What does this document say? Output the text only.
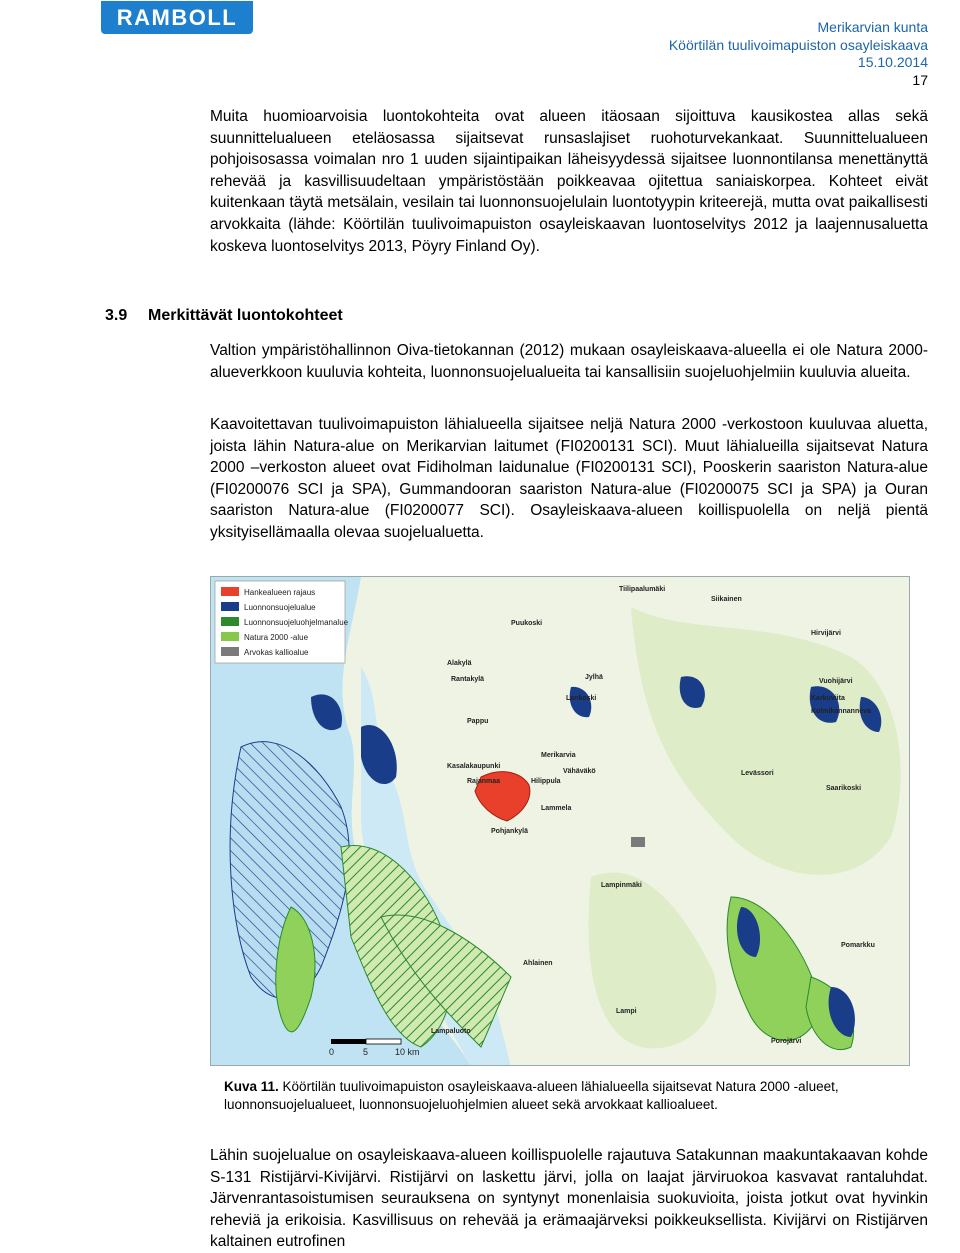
RAMBOLL	Merikarvian kunta
Köörtilän tuulivoimapuiston osayleiskaava
15.10.2014
17

Muita huomioarvoisia luontokohteita ovat alueen itäosaan sijoittuva kausikostea allas sekä suunnittelualueen eteläosassa sijaitsevat runsaslajiset ruohoturvekankaat. Suunnittelualueen pohjoisosassa voimalan nro 1 uuden sijaintipaikan läheisyydessä sijaitsee luonnontilansa menettänyttä rehevää ja kasvillisuudeltaan ympäristöstään poikkeavaa ojitettua saniaiskorpea. Kohteet eivät kuitenkaan täytä metsälain, vesilain tai luonnonsuojelulain luontotyypin kriteerejä, mutta ovat paikallisesti arvokkaita (lähde: Köörtilän tuulivoimapuiston osayleiskaavan luontoselvitys 2012 ja laajennusaluetta koskeva luontoselvitys 2013, Pöyry Finland Oy).

3.9 Merkittävät luontokohteet

Valtion ympäristöhallinnon Oiva-tietokannan (2012) mukaan osayleiskaava-alueella ei ole Natura 2000-alueverkkoon kuuluvia kohteita, luonnonsuojelualueita tai kansallisiin suojeluohjelmiin kuuluvia alueita.

Kaavoitettavan tuulivoimapuiston lähialueella sijaitsee neljä Natura 2000 -verkostoon kuuluvaa aluetta, joista lähin Natura-alue on Merikarvian laitumet (FI0200131 SCI). Muut lähialueilla sijaitsevat Natura 2000 –verkoston alueet ovat Fidiholman laidunalue (FI0200131 SCI), Pooskerin saariston Natura-alue (FI0200076 SCI ja SPA), Gummandooran saariston Natura-alue (FI0200075 SCI ja SPA) ja Ouran saariston Natura-alue (FI0200077 SCI). Osayleiskaava-alueen koillispuolella on neljä pientä yksityisellämaalla olevaa suojelualuetta.

Hankealueen rajaus
Luonnonsuojelualue
Luonnonsuojeluohjelmanalue
Natura 2000 -alue
Arvokas kallioalue
Tiilipaalumäki
Siikainen
Puukoski
Hirvijärvi
Alakylä
Rantakylä	Jylhä
Lankoski	Karkuviita
Vuohijärvi
Kolmikannanneva
Pappu
Merikarvia
Kasalakaupunki
Rajanmaa	Hilippula
Vähäväkö	Levässori
Saarikoski
Lammela
Pohjankylä
Lampinmäki
Pomarkku
Ahlainen
Lampi
Lampaluoto
Porojärvi
0	5	10 km

Kuva 11. Köörtilän tuulivoimapuiston osayleiskaava-alueen lähialueella sijaitsevat Natura 2000 -alueet, luonnonsuojelualueet, luonnonsuojeluohjelmien alueet sekä arvokkaat kallioalueet.

Lähin suojelualue on osayleiskaava-alueen koillispuolelle rajautuva Satakunnan maakuntakaavan kohde S-131 Ristijärvi-Kivijärvi. Ristijärvi on laskettu järvi, jolla on laajat järviruokoa kasvavat rantaluhdat. Järvenrantasoistumisen seurauksena on syntynyt monenlaisia suokuvioita, joista jotkut ovat hyvinkin reheviä ja erikoisia. Kasvillisuus on rehevää ja erämaajärveksi poikkeuksellista. Kivijärvi on Ristijärven kaltainen eutrofinen
